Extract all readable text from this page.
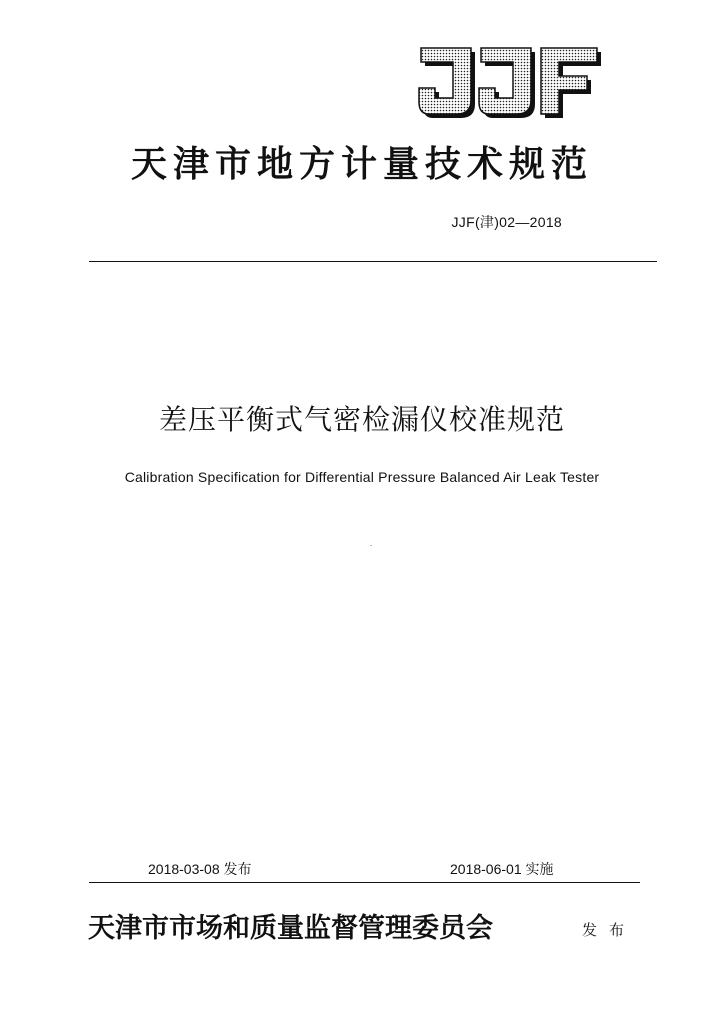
天津市地方计量技术规范
JJF(津)02—2018
差压平衡式气密检漏仪校准规范
Calibration Specification for Differential Pressure Balanced Air Leak Tester
2018-03-08 发布	2018-06-01 实施
天津市市场和质量监督管理委员会	发布
